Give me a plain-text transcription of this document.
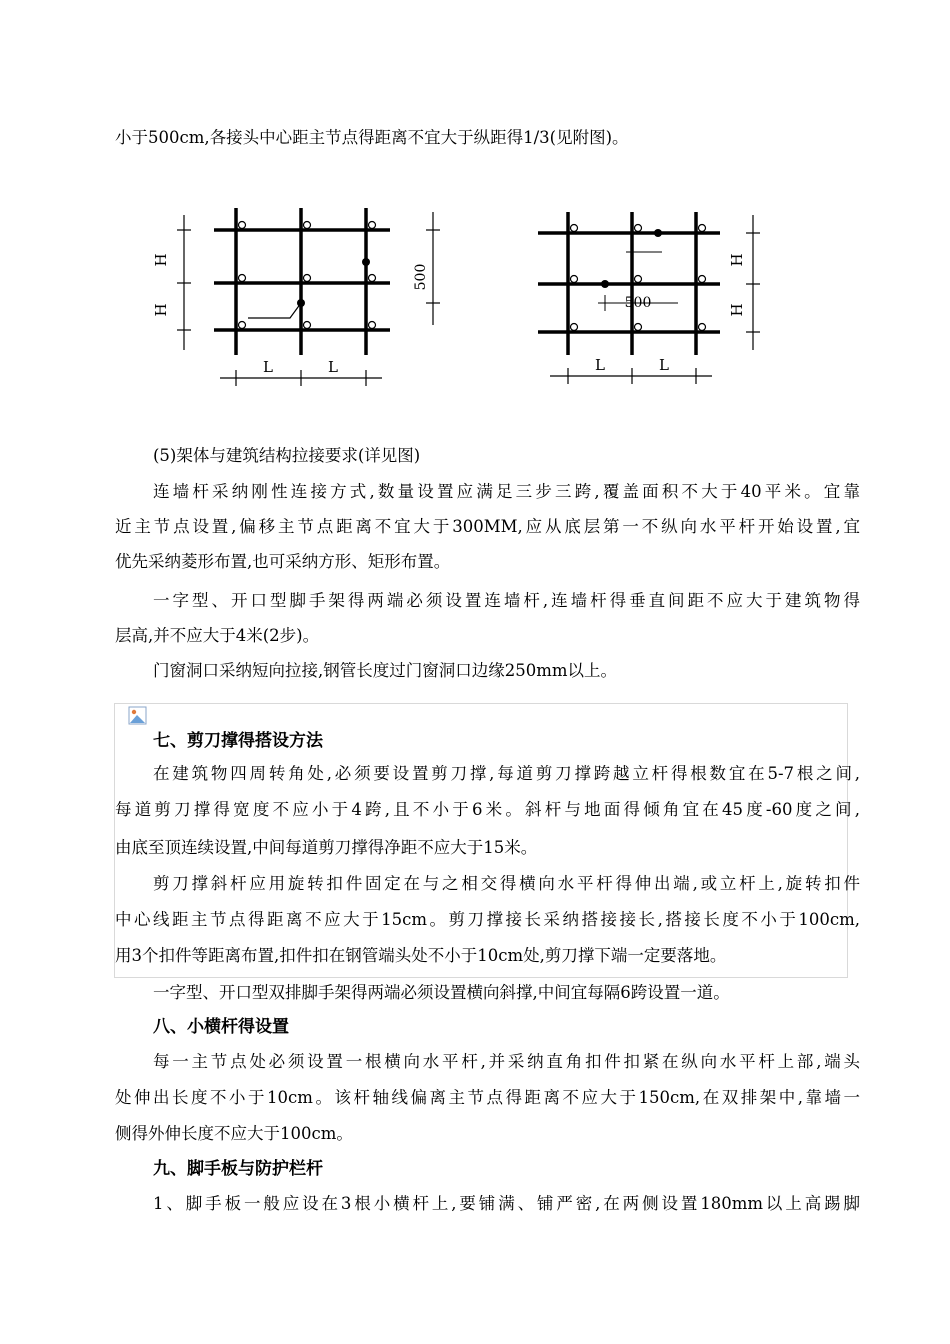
小于500cm,各接头中心距主节点得距离不宜大于纵距得1/3(见附图)。
H
H
500
L	L
H
H
500
L	L
(5)架体与建筑结构拉接要求(详见图)
连墙杆采纳刚性连接方式,数量设置应满足三步三跨,覆盖面积不大于40平米。宜靠
近主节点设置,偏移主节点距离不宜大于300MM,应从底层第一不纵向水平杆开始设置,宜
优先采纳菱形布置,也可采纳方形、矩形布置。
一字型、开口型脚手架得两端必须设置连墙杆,连墙杆得垂直间距不应大于建筑物得
层高,并不应大于4米(2步)。
门窗洞口采纳短向拉接,钢管长度过门窗洞口边缘250mm以上。
七、剪刀撑得搭设方法
在建筑物四周转角处,必须要设置剪刀撑,每道剪刀撑跨越立杆得根数宜在5-7根之间,
每道剪刀撑得宽度不应小于4跨,且不小于6米。斜杆与地面得倾角宜在45度-60度之间,
由底至顶连续设置,中间每道剪刀撑得净距不应大于15米。
剪刀撑斜杆应用旋转扣件固定在与之相交得横向水平杆得伸出端,或立杆上,旋转扣件
中心线距主节点得距离不应大于15cm。剪刀撑接长采纳搭接接长,搭接长度不小于100cm,
用3个扣件等距离布置,扣件扣在钢管端头处不小于10cm处,剪刀撑下端一定要落地。
一字型、开口型双排脚手架得两端必须设置横向斜撑,中间宜每隔6跨设置一道。
八、小横杆得设置
每一主节点处必须设置一根横向水平杆,并采纳直角扣件扣紧在纵向水平杆上部,端头
处伸出长度不小于10cm。该杆轴线偏离主节点得距离不应大于150cm,在双排架中,靠墙一
侧得外伸长度不应大于100cm。
九、脚手板与防护栏杆
1、脚手板一般应设在3根小横杆上,要铺满、铺严密,在两侧设置180mm以上高踢脚
